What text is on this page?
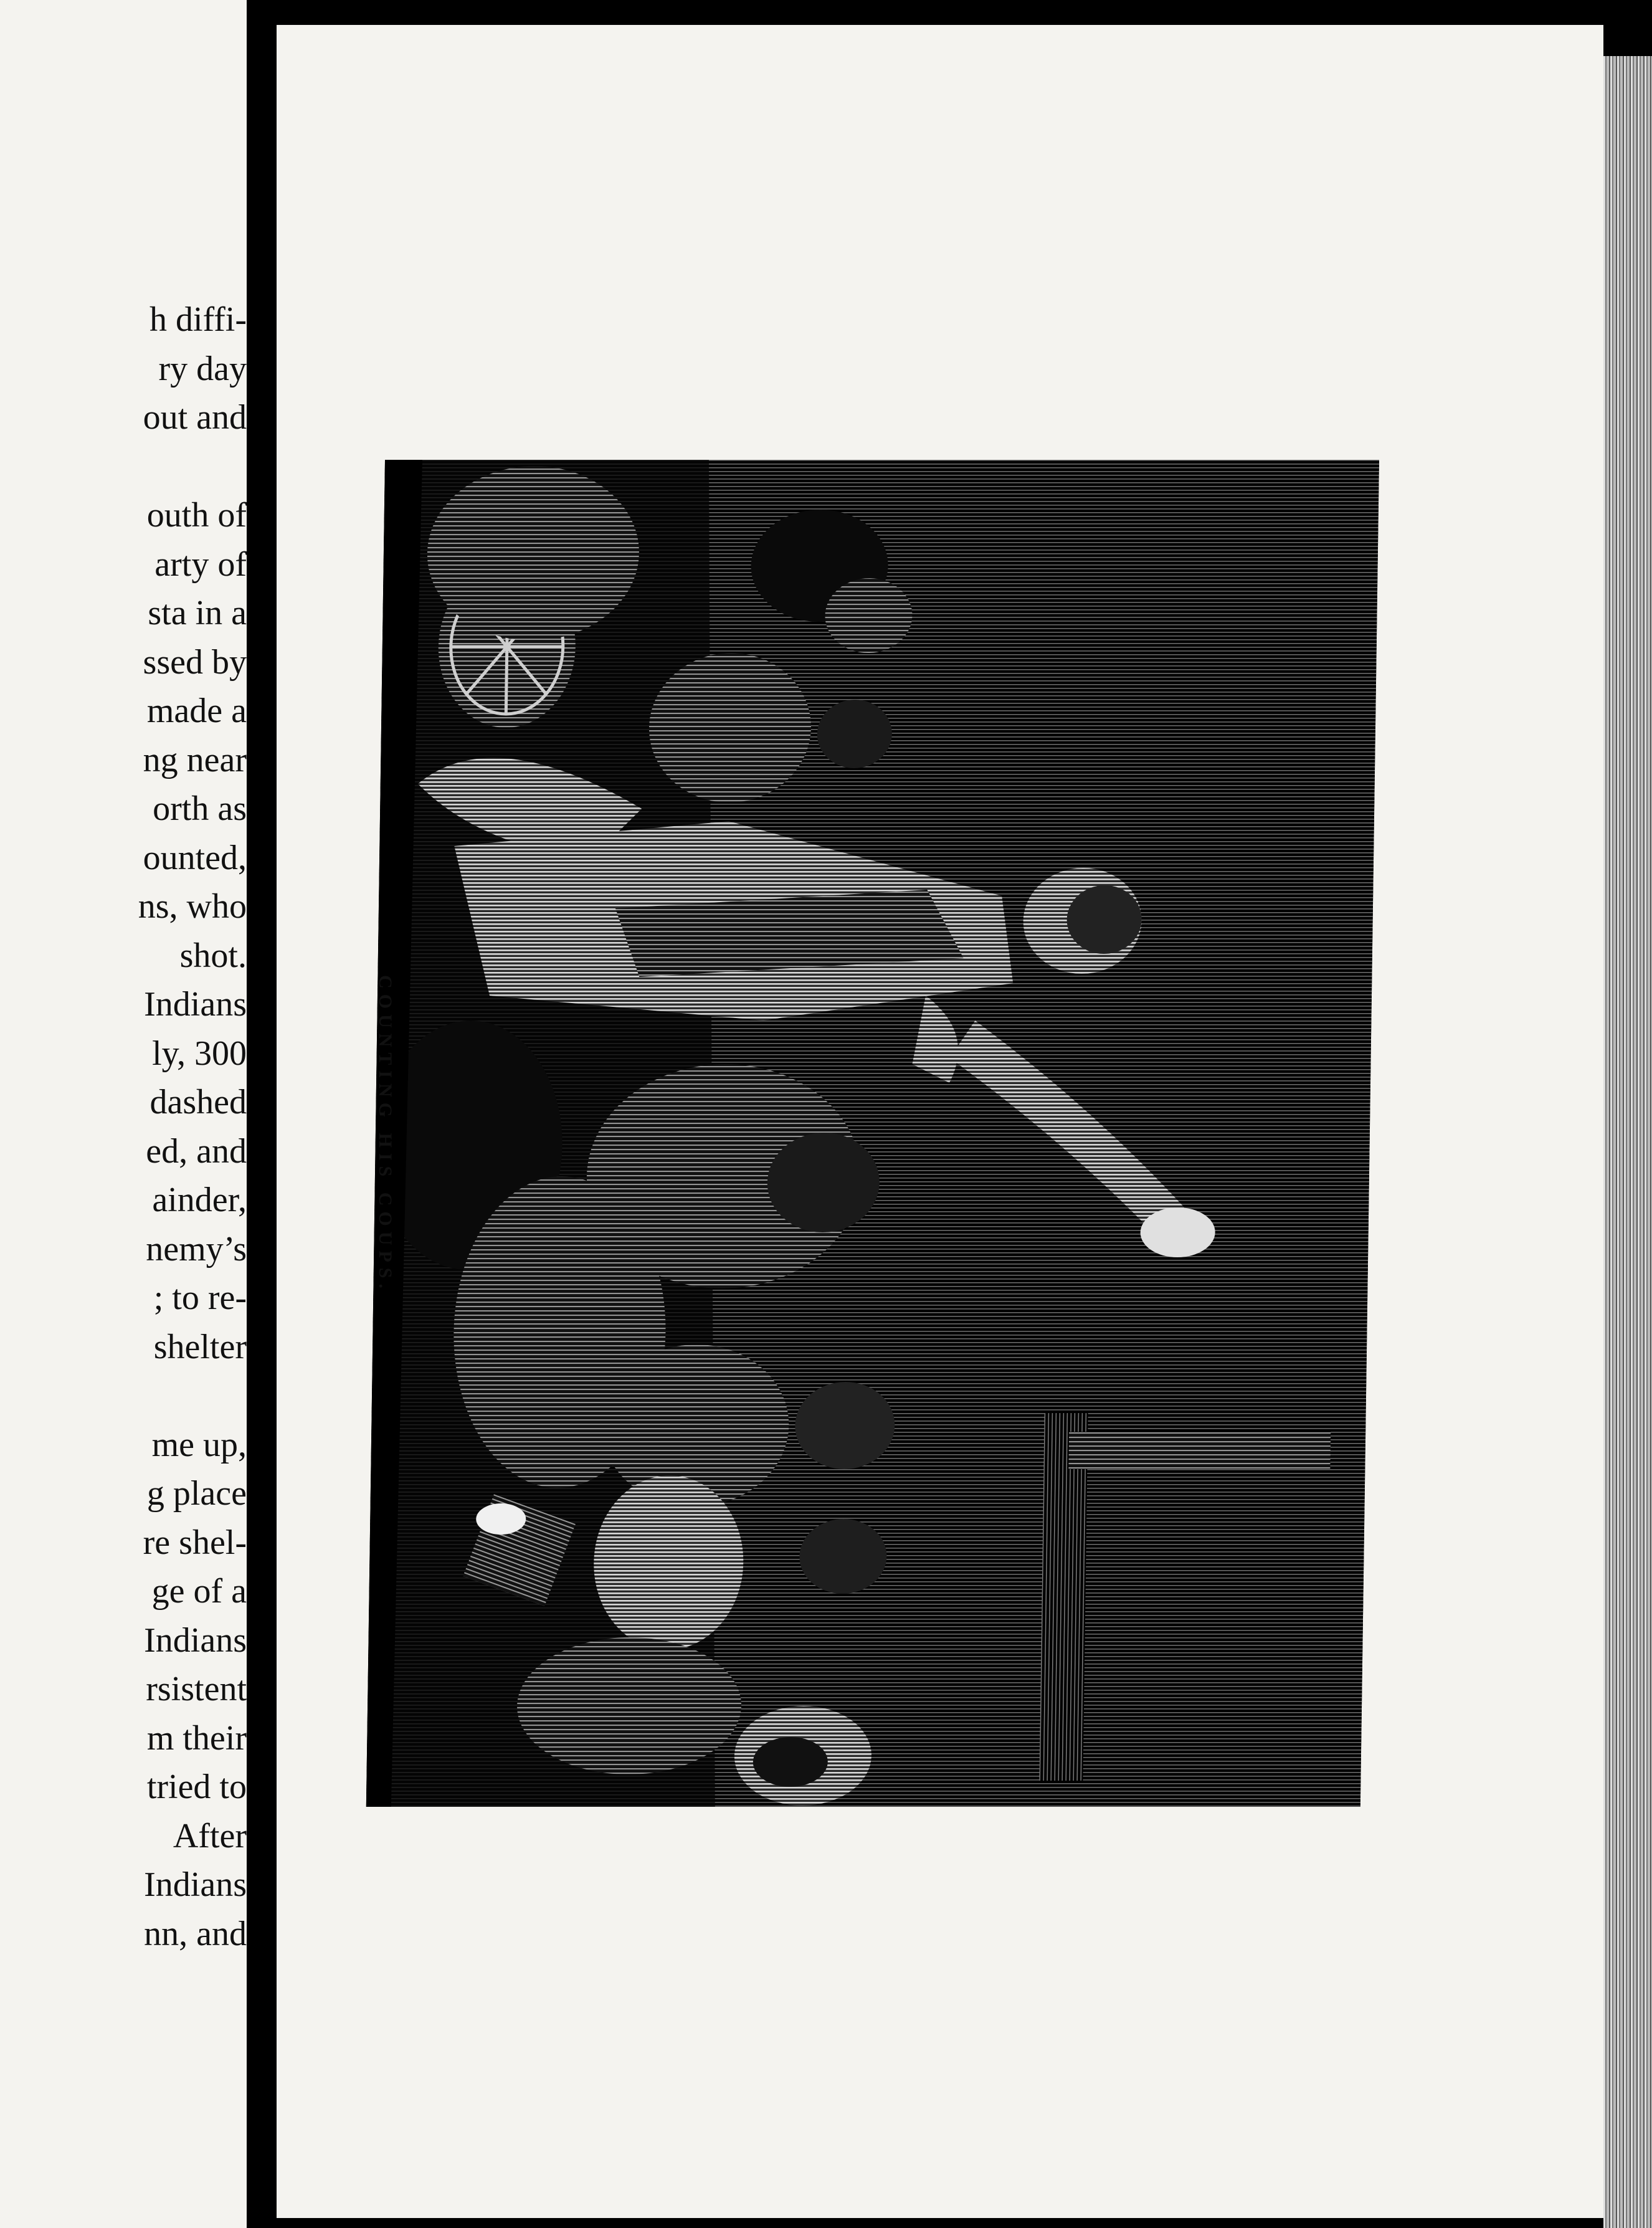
h diffi-
ry day
out and
outh of
arty of
sta in a
ssed by
made a
ng near
orth as
ounted,
ns, who
shot.
Indians
ly, 300
dashed
ed, and
ainder,
nemy’s
; to re-
shelter
me up,
g place
re shel-
ge of a
Indians
rsistent
m their
tried to
After
Indians
nn, and
COUNTING HIS COUPS.
